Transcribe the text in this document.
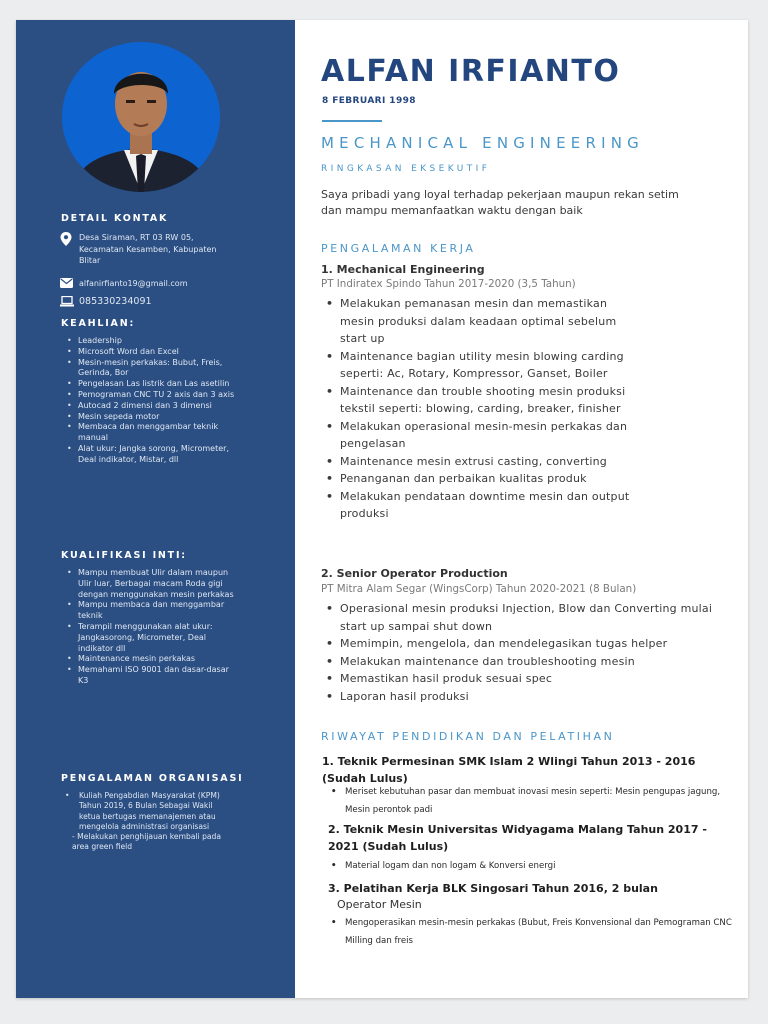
DETAIL KONTAK
Desa Siraman, RT 03 RW 05, Kecamatan Kesamben, Kabupaten Blitar
alfanirfianto19@gmail.com
085330234091
KEAHLIAN:
• Leadership
• Microsoft Word dan Excel
• Mesin-mesin perkakas: Bubut, Freis, Gerinda, Bor
• Pengelasan Las listrik dan Las asetilin
• Pemograman CNC TU 2 axis dan 3 axis
• Autocad 2 dimensi dan 3 dimensi
• Mesin sepeda motor
• Membaca dan menggambar teknik manual
• Alat ukur: Jangka sorong, Micrometer, Deal indikator, Mistar, dll
KUALIFIKASI INTI:
• Mampu membuat Ulir dalam maupun Ulir luar, Berbagai macam Roda gigi dengan menggunakan mesin perkakas
• Mampu membaca dan menggambar teknik
• Terampil menggunakan alat ukur: Jangkasorong, Micrometer, Deal indikator dll
• Maintenance mesin perkakas
• Memahami ISO 9001 dan dasar-dasar K3
PENGALAMAN ORGANISASI
• Kuliah Pengabdian Masyarakat (KPM) Tahun 2019, 6 Bulan Sebagai Wakil ketua bertugas memanajemen atau mengelola administrasi organisasi
- Melakukan penghijauan kembali pada area green field
ALFAN IRFIANTO
8 FEBRUARI 1998
MECHANICAL ENGINEERING
RINGKASAN EKSEKUTIF
Saya pribadi yang loyal terhadap pekerjaan maupun rekan setim dan mampu memanfaatkan waktu dengan baik
PENGALAMAN KERJA
1. Mechanical Engineering
PT Indiratex Spindo Tahun 2017-2020 (3,5 Tahun)
• Melakukan pemanasan mesin dan memastikan mesin produksi dalam keadaan optimal sebelum start up
• Maintenance bagian utility mesin blowing carding seperti: Ac, Rotary, Kompressor, Ganset, Boiler
• Maintenance dan trouble shooting mesin produksi tekstil seperti: blowing, carding, breaker, finisher
• Melakukan operasional mesin-mesin perkakas dan pengelasan
• Maintenance mesin extrusi casting, converting
• Penanganan dan perbaikan kualitas produk
• Melakukan pendataan downtime mesin dan output produksi
2. Senior Operator Production
PT Mitra Alam Segar (WingsCorp) Tahun 2020-2021 (8 Bulan)
• Operasional mesin produksi Injection, Blow dan Converting mulai start up sampai shut down
• Memimpin, mengelola, dan mendelegasikan tugas helper
• Melakukan maintenance dan troubleshooting mesin
• Memastikan hasil produk sesuai spec
• Laporan hasil produksi
RIWAYAT PENDIDIKAN DAN PELATIHAN
1. Teknik Permesinan SMK Islam 2 Wlingi Tahun 2013 - 2016 (Sudah Lulus)
• Meriset kebutuhan pasar dan membuat inovasi mesin seperti: Mesin pengupas jagung, Mesin perontok padi
2. Teknik Mesin Universitas Widyagama Malang Tahun 2017 - 2021 (Sudah Lulus)
• Material logam dan non logam & Konversi energi
3. Pelatihan Kerja BLK Singosari Tahun 2016, 2 bulan
Operator Mesin
• Mengoperasikan mesin-mesin perkakas (Bubut, Freis Konvensional dan Pemograman CNC Milling dan freis
